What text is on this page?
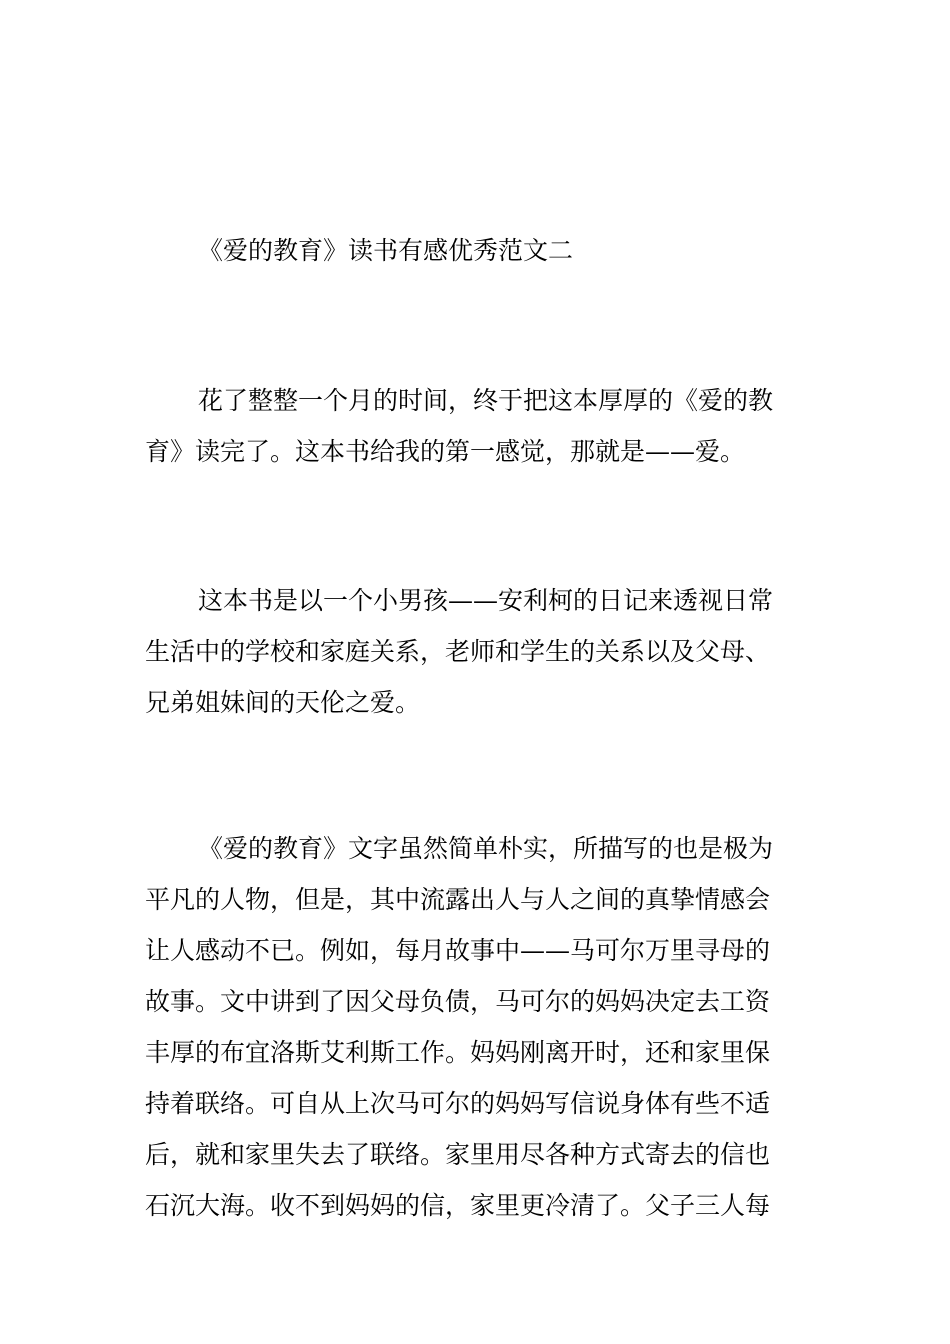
《爱的教育》读书有感优秀范文二
花了整整一个月的时间，终于把这本厚厚的《爱的教
育》读完了。这本书给我的第一感觉，那就是——爱。
这本书是以一个小男孩——安利柯的日记来透视日常
生活中的学校和家庭关系，老师和学生的关系以及父母、
兄弟姐妹间的天伦之爱。
《爱的教育》文字虽然简单朴实，所描写的也是极为
平凡的人物，但是，其中流露出人与人之间的真挚情感会
让人感动不已。例如，每月故事中——马可尔万里寻母的
故事。文中讲到了因父母负债，马可尔的妈妈决定去工资
丰厚的布宜洛斯艾利斯工作。妈妈刚离开时，还和家里保
持着联络。可自从上次马可尔的妈妈写信说身体有些不适
后，就和家里失去了联络。家里用尽各种方式寄去的信也
石沉大海。收不到妈妈的信，家里更冷清了。父子三人每
